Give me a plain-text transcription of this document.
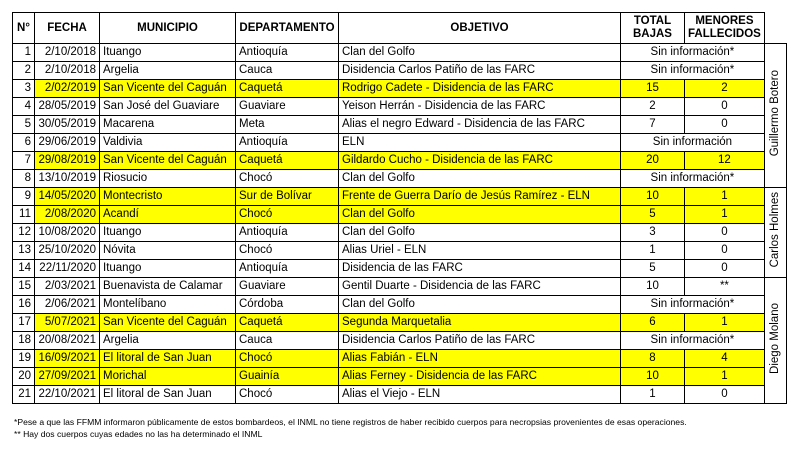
N°	FECHA	MUNICIPIO	DEPARTAMENTO	OBJETIVO	TOTAL BAJAS	MENORES FALLECIDOS	
1	2/10/2018	Ituango	Antioquía	Clan del Golfo	Sin información*		Guillermo Botero
2	2/10/2018	Argelia	Cauca	Disidencia Carlos Patiño de las FARC	Sin información*		
3	2/02/2019	San Vicente del Caguán	Caquetá	Rodrigo Cadete - Disidencia de las FARC	15	2	
4	28/05/2019	San José del Guaviare	Guaviare	Yeison Herrán - Disidencia de las FARC	2	0	
5	30/05/2019	Macarena	Meta	Alias el negro Edward - Disidencia de las FARC	7	0	
6	29/06/2019	Valdivia	Antioquía	ELN	Sin información		
7	29/08/2019	San Vicente del Caguán	Caquetá	Gildardo Cucho - Disidencia de las FARC	20	12	
8	13/10/2019	Riosucio	Chocó	Clan del Golfo	Sin información*		
9	14/05/2020	Montecristo	Sur de Bolívar	Frente de Guerra Darío de Jesús Ramírez - ELN	10	1	Carlos Holmes
11	2/08/2020	Acandí	Chocó	Clan del Golfo	5	1	
12	10/08/2020	Ituango	Antioquía	Clan del Golfo	3	0	
13	25/10/2020	Nóvita	Chocó	Alias Uriel - ELN	1	0	
14	22/11/2020	Ituango	Antioquía	Disidencia de las FARC	5	0	
15	2/03/2021	Buenavista de Calamar	Guaviare	Gentil Duarte - Disidencia de las FARC	10	**	Diego Molano
16	2/06/2021	Montelíbano	Córdoba	Clan del Golfo	Sin información*		
17	5/07/2021	San Vicente del Caguán	Caquetá	Segunda Marquetalia	6	1	
18	20/08/2021	Argelia	Cauca	Disidencia Carlos Patiño de las FARC	Sin información*		
19	16/09/2021	El litoral de San Juan	Chocó	Alias Fabián - ELN	8	4	
20	27/09/2021	Morichal	Guainía	Alias Ferney - Disidencia de las FARC	10	1	
21	22/10/2021	El litoral de San Juan	Chocó	Alias el Viejo - ELN	1	0	
*Pese a que las FFMM informaron públicamente de estos bombardeos, el INML no tiene registros de haber recibido cuerpos para necropsias provenientes de esas operaciones.
** Hay dos cuerpos cuyas edades no las ha determinado el INML
